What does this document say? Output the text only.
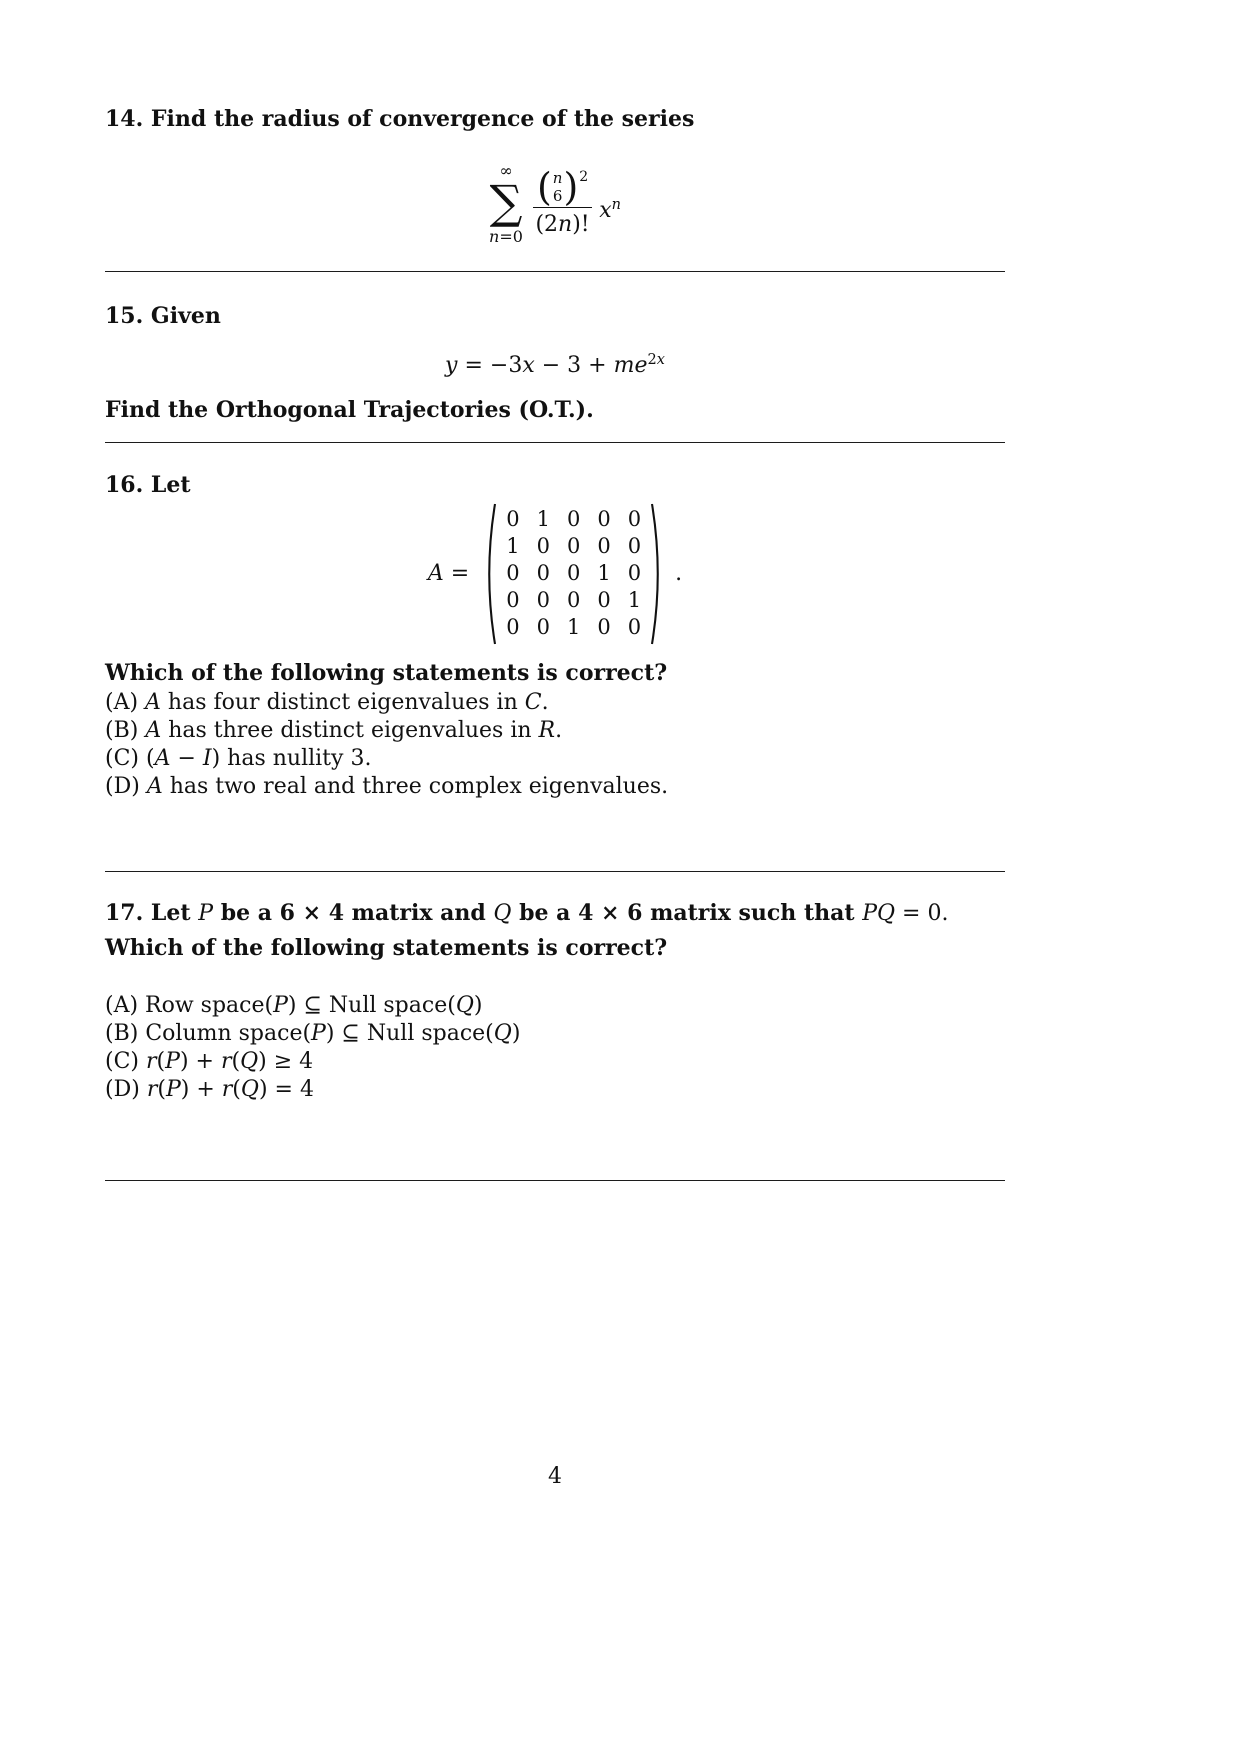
14. Find the radius of convergence of the series

∞
∑
n=0
( n
6 ) 2
(2n)!
$x^n$

15. Given

$y = -3x - 3 + me^{2x}$

Find the Orthogonal Trajectories (O.T.).

16. Let

A =
0 1 0 0 0
1 0 0 0 0
0 0 0 1 0
0 0 0 0 1
0 0 1 0 0
.

Which of the following statements is correct?

(A) A has four distinct eigenvalues in C.

(B) A has three distinct eigenvalues in R.

(C) (A − I) has nullity 3.

(D) A has two real and three complex eigenvalues.

17. Let P be a 6 × 4 matrix and Q be a 4 × 6 matrix such that PQ = 0. Which of the following statements is correct?

(A) Row space(P) ⊆ Null space(Q)

(B) Column space(P) ⊆ Null space(Q)

(C) r(P) + r(Q) ≥ 4

(D) r(P) + r(Q) = 4

4
